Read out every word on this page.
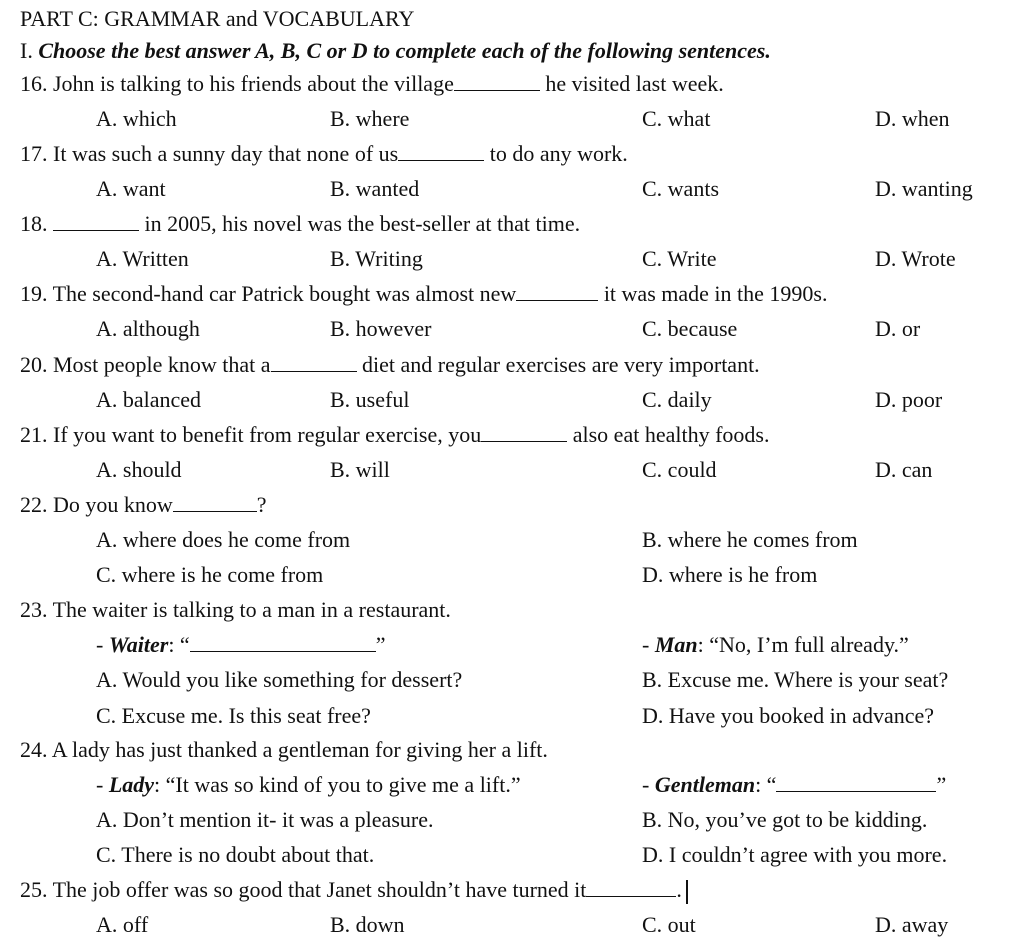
PART C: GRAMMAR and VOCABULARY
I. Choose the best answer A, B, C or D to complete each of the following sentences.
16. John is talking to his friends about the village	he visited last week.
A. which	B. where	C. what	D. when
17. It was such a sunny day that none of us	to do any work.
A. want	B. wanted	C. wants	D. wanting
18.	in 2005, his novel was the best-seller at that time.
A. Written	B. Writing	C. Write	D. Wrote
19. The second-hand car Patrick bought was almost new	it was made in the 1990s.
A. although	B. however	C. because	D. or
20. Most people know that a	diet and regular exercises are very important.
A. balanced	B. useful	C. daily	D. poor
21. If you want to benefit from regular exercise, you	also eat healthy foods.
A. should	B. will	C. could	D. can
22. Do you know	?
A. where does he come from	B. where he comes from
C. where is he come from	D. where is he from
23. The waiter is talking to a man in a restaurant.
- Waiter: “	”	- Man: “No, I’m full already.”
A. Would you like something for dessert?	B. Excuse me. Where is your seat?
C. Excuse me. Is this seat free?	D. Have you booked in advance?
24. A lady has just thanked a gentleman for giving her a lift.
- Lady: “It was so kind of you to give me a lift.”	- Gentleman: “	”
A. Don’t mention it- it was a pleasure.	B. No, you’ve got to be kidding.
C. There is no doubt about that.	D. I couldn’t agree with you more.
25. The job offer was so good that Janet shouldn’t have turned it	.
A. off	B. down	C. out	D. away
